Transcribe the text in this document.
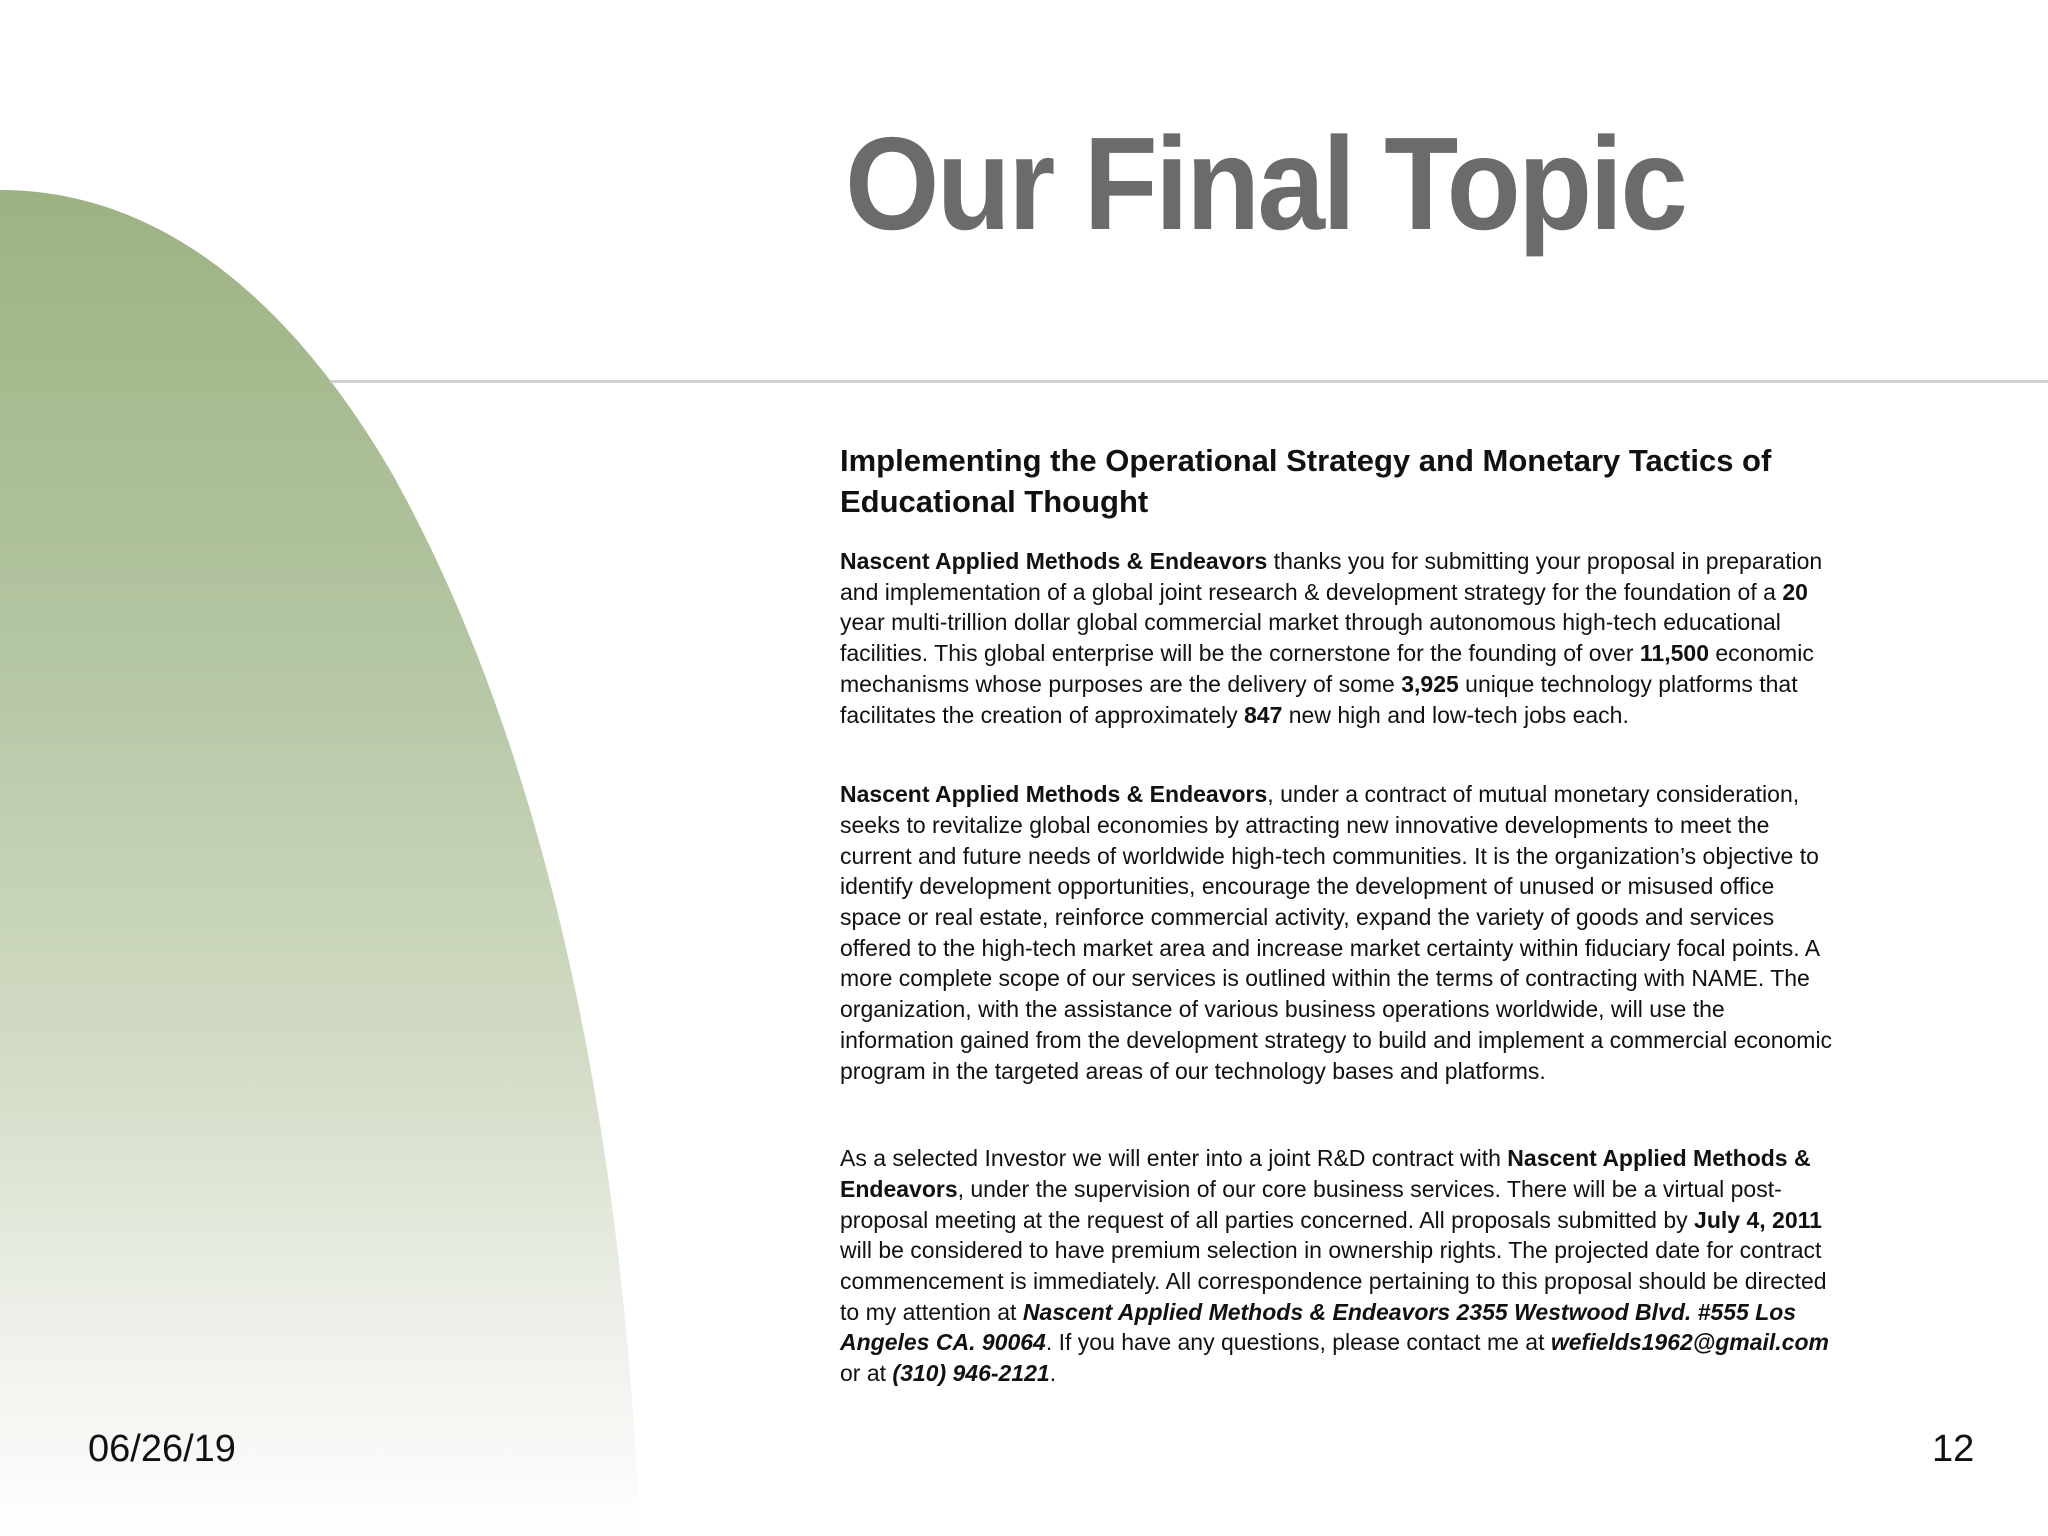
Our Final Topic
Implementing the Operational Strategy and Monetary Tactics of Educational Thought

Nascent Applied Methods & Endeavors thanks you for submitting your proposal in preparation and implementation of a global joint research & development strategy for the foundation of a 20 year multi-trillion dollar global commercial market through autonomous high-tech educational facilities. This global enterprise will be the cornerstone for the founding of over 11,500 economic mechanisms whose purposes are the delivery of some 3,925 unique technology platforms that facilitates the creation of approximately 847 new high and low-tech jobs each.

Nascent Applied Methods & Endeavors, under a contract of mutual monetary consideration, seeks to revitalize global economies by attracting new innovative developments to meet the current and future needs of worldwide high-tech communities. It is the organization’s objective to identify development opportunities, encourage the development of unused or misused office space or real estate, reinforce commercial activity, expand the variety of goods and services offered to the high-tech market area and increase market certainty within fiduciary focal points. A more complete scope of our services is outlined within the terms of contracting with NAME. The organization, with the assistance of various business operations worldwide, will use the information gained from the development strategy to build and implement a commercial economic program in the targeted areas of our technology bases and platforms.

As a selected Investor we will enter into a joint R&D contract with Nascent Applied Methods & Endeavors, under the supervision of our core business services. There will be a virtual post-proposal meeting at the request of all parties concerned. All proposals submitted by July 4, 2011 will be considered to have premium selection in ownership rights. The projected date for contract commencement is immediately. All correspondence pertaining to this proposal should be directed to my attention at Nascent Applied Methods & Endeavors 2355 Westwood Blvd. #555 Los Angeles CA. 90064. If you have any questions, please contact me at wefields1962@gmail.com or at (310) 946-2121.

06/26/19	12
